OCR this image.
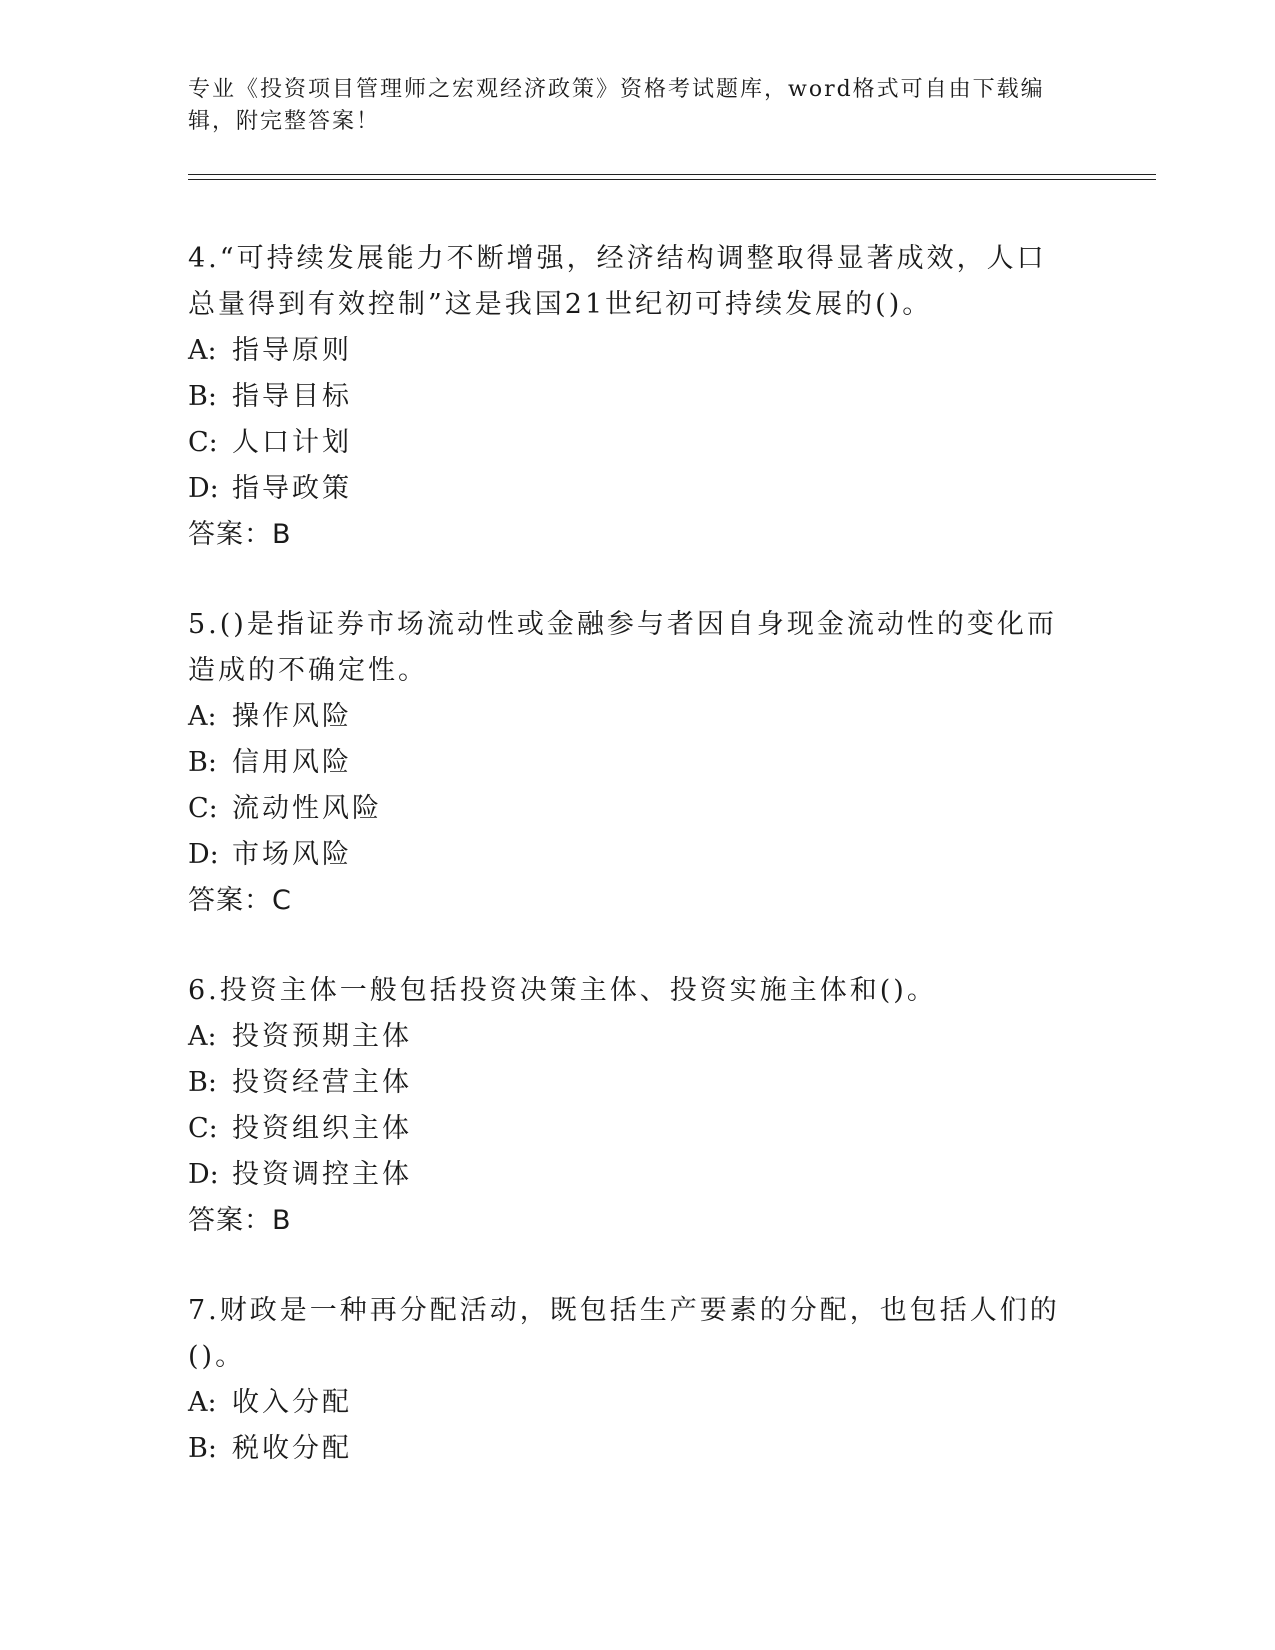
专业《投资项目管理师之宏观经济政策》资格考试题库，word格式可自由下载编辑，附完整答案！

4.“可持续发展能力不断增强，经济结构调整取得显著成效，人口总量得到有效控制”这是我国21世纪初可持续发展的()。

A: 指导原则

B: 指导目标

C: 人口计划

D: 指导政策

答案：B

5.()是指证券市场流动性或金融参与者因自身现金流动性的变化而造成的不确定性。

A: 操作风险

B: 信用风险

C: 流动性风险

D: 市场风险

答案：C

6.投资主体一般包括投资决策主体、投资实施主体和()。

A: 投资预期主体

B: 投资经营主体

C: 投资组织主体

D: 投资调控主体

答案：B

7.财政是一种再分配活动，既包括生产要素的分配，也包括人们的()。

A: 收入分配

B: 税收分配
